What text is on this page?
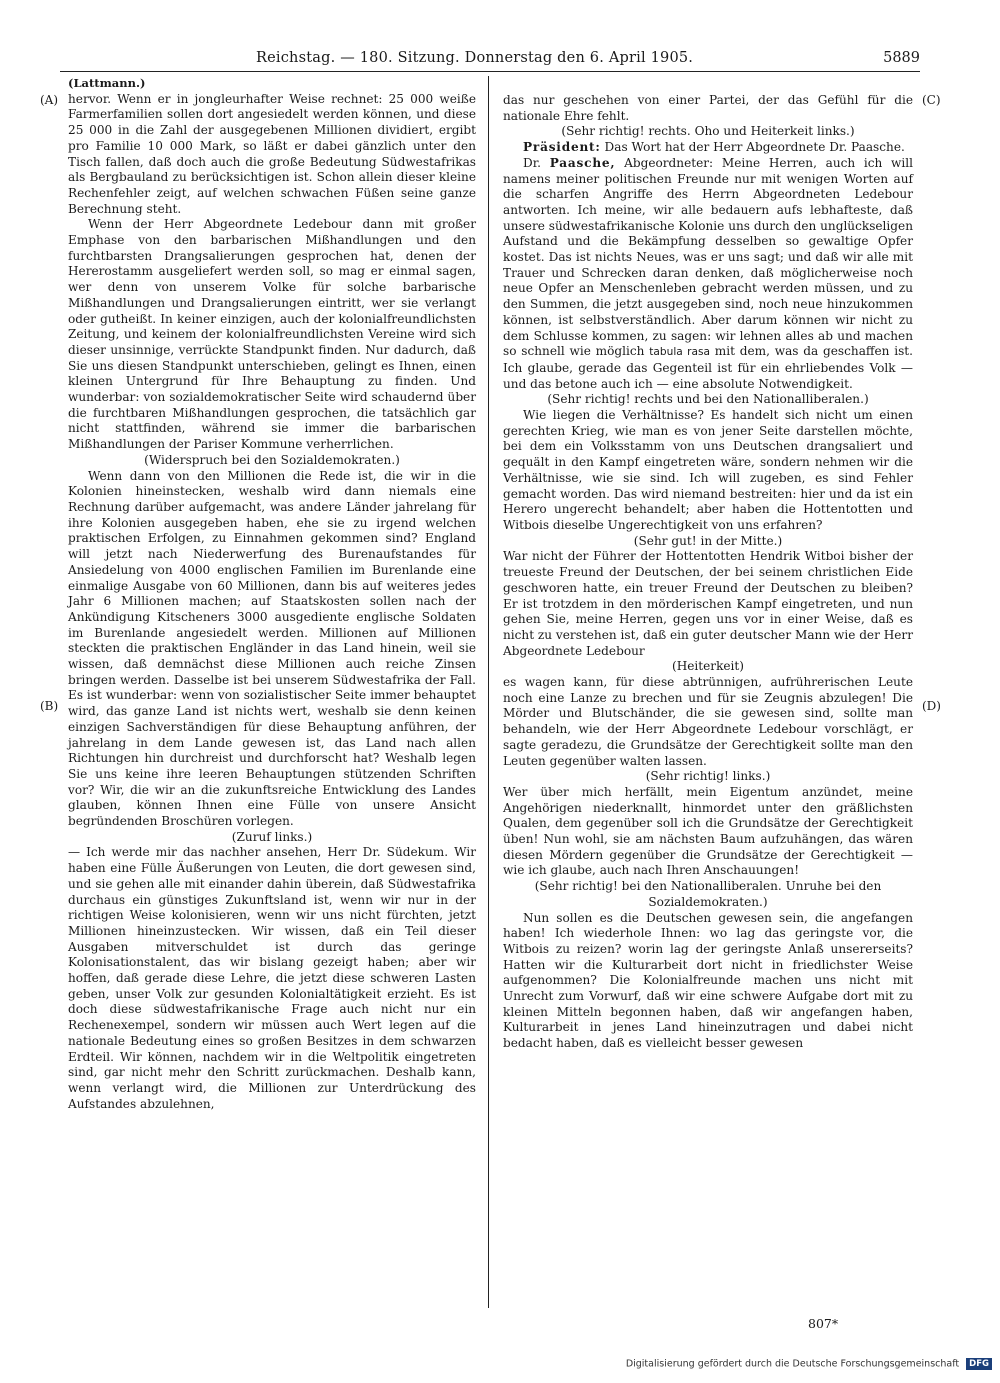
Reichstag. — 180. Sitzung. Donnerstag den 6. April 1905.	5889
(A)
(B)
(C)
(D)

(Lattmann.)

hervor. Wenn er in jongleurhafter Weise rechnet: 25 000 weiße Farmerfamilien sollen dort angesiedelt werden können, und diese 25 000 in die Zahl der ausgegebenen Millionen dividiert, ergibt pro Familie 10 000 Mark, so läßt er dabei gänzlich unter den Tisch fallen, daß doch auch die große Bedeutung Südwestafrikas als Bergbauland zu berücksichtigen ist. Schon allein dieser kleine Rechenfehler zeigt, auf welchen schwachen Füßen seine ganze Berechnung steht.

Wenn der Herr Abgeordnete Ledebour dann mit großer Emphase von den barbarischen Mißhandlungen und den furchtbarsten Drangsalierungen gesprochen hat, denen der Hererostamm ausgeliefert werden soll, so mag er einmal sagen, wer denn von unserem Volke für solche barbarische Mißhandlungen und Drangsalierungen eintritt, wer sie verlangt oder gutheißt. In keiner einzigen, auch der kolonialfreundlichsten Zeitung, und keinem der kolonialfreundlichsten Vereine wird sich dieser unsinnige, verrückte Standpunkt finden. Nur dadurch, daß Sie uns diesen Standpunkt unterschieben, gelingt es Ihnen, einen kleinen Untergrund für Ihre Behauptung zu finden. Und wunderbar: von sozialdemokratischer Seite wird schaudernd über die furchtbaren Mißhandlungen gesprochen, die tatsächlich gar nicht stattfinden, während sie immer die barbarischen Mißhandlungen der Pariser Kommune verherrlichen.

(Widerspruch bei den Sozialdemokraten.)

Wenn dann von den Millionen die Rede ist, die wir in die Kolonien hineinstecken, weshalb wird dann niemals eine Rechnung darüber aufgemacht, was andere Länder jahrelang für ihre Kolonien ausgegeben haben, ehe sie zu irgend welchen praktischen Erfolgen, zu Einnahmen gekommen sind? England will jetzt nach Niederwerfung des Burenaufstandes für Ansiedelung von 4000 englischen Familien im Burenlande eine einmalige Ausgabe von 60 Millionen, dann bis auf weiteres jedes Jahr 6 Millionen machen; auf Staatskosten sollen nach der Ankündigung Kitscheners 3000 ausgediente englische Soldaten im Burenlande angesiedelt werden. Millionen auf Millionen steckten die praktischen Engländer in das Land hinein, weil sie wissen, daß demnächst diese Millionen auch reiche Zinsen bringen werden. Dasselbe ist bei unserem Südwestafrika der Fall. Es ist wunderbar: wenn von sozialistischer Seite immer behauptet wird, das ganze Land ist nichts wert, weshalb sie denn keinen einzigen Sachverständigen für diese Behauptung anführen, der jahrelang in dem Lande gewesen ist, das Land nach allen Richtungen hin durchreist und durchforscht hat? Weshalb legen Sie uns keine ihre leeren Behauptungen stützenden Schriften vor? Wir, die wir an die zukunftsreiche Entwicklung des Landes glauben, können Ihnen eine Fülle von unsere Ansicht begründenden Broschüren vorlegen.

(Zuruf links.)

— Ich werde mir das nachher ansehen, Herr Dr. Südekum. Wir haben eine Fülle Äußerungen von Leuten, die dort gewesen sind, und sie gehen alle mit einander dahin überein, daß Südwestafrika durchaus ein günstiges Zukunftsland ist, wenn wir nur in der richtigen Weise kolonisieren, wenn wir uns nicht fürchten, jetzt Millionen hineinzustecken. Wir wissen, daß ein Teil dieser Ausgaben mitverschuldet ist durch das geringe Kolonisationstalent, das wir bislang gezeigt haben; aber wir hoffen, daß gerade diese Lehre, die jetzt diese schweren Lasten geben, unser Volk zur gesunden Kolonialtätigkeit erzieht. Es ist doch diese südwestafrikanische Frage auch nicht nur ein Rechenexempel, sondern wir müssen auch Wert legen auf die nationale Bedeutung eines so großen Besitzes in dem schwarzen Erdteil. Wir können, nachdem wir in die Weltpolitik eingetreten sind, gar nicht mehr den Schritt zurückmachen. Deshalb kann, wenn verlangt wird, die Millionen zur Unterdrückung des Aufstandes abzulehnen,

das nur geschehen von einer Partei, der das Gefühl für die nationale Ehre fehlt.

(Sehr richtig! rechts. Oho und Heiterkeit links.)

Präsident: Das Wort hat der Herr Abgeordnete Dr. Paasche.

Dr. Paasche, Abgeordneter: Meine Herren, auch ich will namens meiner politischen Freunde nur mit wenigen Worten auf die scharfen Angriffe des Herrn Abgeordneten Ledebour antworten. Ich meine, wir alle bedauern aufs lebhafteste, daß unsere südwestafrikanische Kolonie uns durch den unglückseligen Aufstand und die Bekämpfung desselben so gewaltige Opfer kostet. Das ist nichts Neues, was er uns sagt; und daß wir alle mit Trauer und Schrecken daran denken, daß möglicherweise noch neue Opfer an Menschenleben gebracht werden müssen, und zu den Summen, die jetzt ausgegeben sind, noch neue hinzukommen können, ist selbstverständlich. Aber darum können wir nicht zu dem Schlusse kommen, zu sagen: wir lehnen alles ab und machen so schnell wie möglich tabula rasa mit dem, was da geschaffen ist. Ich glaube, gerade das Gegenteil ist für ein ehrliebendes Volk — und das betone auch ich — eine absolute Notwendigkeit.

(Sehr richtig! rechts und bei den Nationalliberalen.)

Wie liegen die Verhältnisse? Es handelt sich nicht um einen gerechten Krieg, wie man es von jener Seite darstellen möchte, bei dem ein Volksstamm von uns Deutschen drangsaliert und gequält in den Kampf eingetreten wäre, sondern nehmen wir die Verhältnisse, wie sie sind. Ich will zugeben, es sind Fehler gemacht worden. Das wird niemand bestreiten: hier und da ist ein Herero ungerecht behandelt; aber haben die Hottentotten und Witbois dieselbe Ungerechtigkeit von uns erfahren?

(Sehr gut! in der Mitte.)

War nicht der Führer der Hottentotten Hendrik Witboi bisher der treueste Freund der Deutschen, der bei seinem christlichen Eide geschworen hatte, ein treuer Freund der Deutschen zu bleiben? Er ist trotzdem in den mörderischen Kampf eingetreten, und nun gehen Sie, meine Herren, gegen uns vor in einer Weise, daß es nicht zu verstehen ist, daß ein guter deutscher Mann wie der Herr Abgeordnete Ledebour

(Heiterkeit)

es wagen kann, für diese abtrünnigen, aufrührerischen Leute noch eine Lanze zu brechen und für sie Zeugnis abzulegen! Die Mörder und Blutschänder, die sie gewesen sind, sollte man behandeln, wie der Herr Abgeordnete Ledebour vorschlägt, er sagte geradezu, die Grundsätze der Gerechtigkeit sollte man den Leuten gegenüber walten lassen.

(Sehr richtig! links.)

Wer über mich herfällt, mein Eigentum anzündet, meine Angehörigen niederknallt, hinmordet unter den gräßlichsten Qualen, dem gegenüber soll ich die Grundsätze der Gerechtigkeit üben! Nun wohl, sie am nächsten Baum aufzuhängen, das wären diesen Mördern gegenüber die Grundsätze der Gerechtigkeit — wie ich glaube, auch nach Ihren Anschauungen!

(Sehr richtig! bei den Nationalliberalen. Unruhe bei den Sozialdemokraten.)

Nun sollen es die Deutschen gewesen sein, die angefangen haben! Ich wiederhole Ihnen: wo lag das geringste vor, die Witbois zu reizen? worin lag der geringste Anlaß unsererseits? Hatten wir die Kulturarbeit dort nicht in friedlichster Weise aufgenommen? Die Kolonialfreunde machen uns nicht mit Unrecht zum Vorwurf, daß wir eine schwere Aufgabe dort mit zu kleinen Mitteln begonnen haben, daß wir angefangen haben, Kulturarbeit in jenes Land hineinzutragen und dabei nicht bedacht haben, daß es vielleicht besser gewesen

807*
Digitalisierung gefördert durch die Deutsche Forschungsgemeinschaft DFG
